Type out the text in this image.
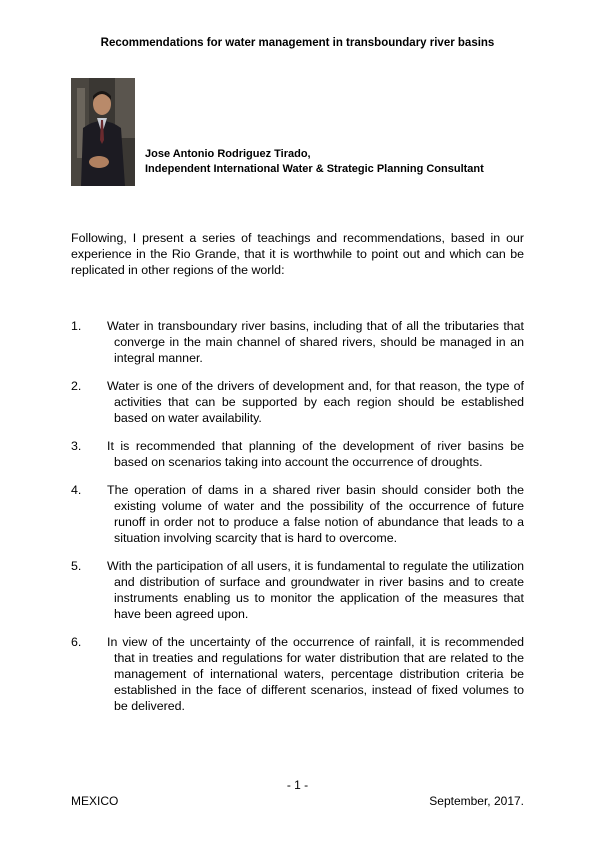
Recommendations for water management in transboundary river basins
Jose Antonio Rodriguez Tirado,
Independent International Water & Strategic Planning Consultant
Following, I present a series of teachings and recommendations, based in our experience in the Rio Grande, that it is worthwhile to point out and which can be replicated in other regions of the world:
1. Water in transboundary river basins, including that of all the tributaries that converge in the main channel of shared rivers, should be managed in an integral manner.
2. Water is one of the drivers of development and, for that reason, the type of activities that can be supported by each region should be established based on water availability.
3. It is recommended that planning of the development of river basins be based on scenarios taking into account the occurrence of droughts.
4. The operation of dams in a shared river basin should consider both the existing volume of water and the possibility of the occurrence of future runoff in order not to produce a false notion of abundance that leads to a situation involving scarcity that is hard to overcome.
5. With the participation of all users, it is fundamental to regulate the utilization and distribution of surface and groundwater in river basins and to create instruments enabling us to monitor the application of the measures that have been agreed upon.
6. In view of the uncertainty of the occurrence of rainfall, it is recommended that in treaties and regulations for water distribution that are related to the management of international waters, percentage distribution criteria be established in the face of different scenarios, instead of fixed volumes to be delivered.
- 1 -
MEXICO	September, 2017.
